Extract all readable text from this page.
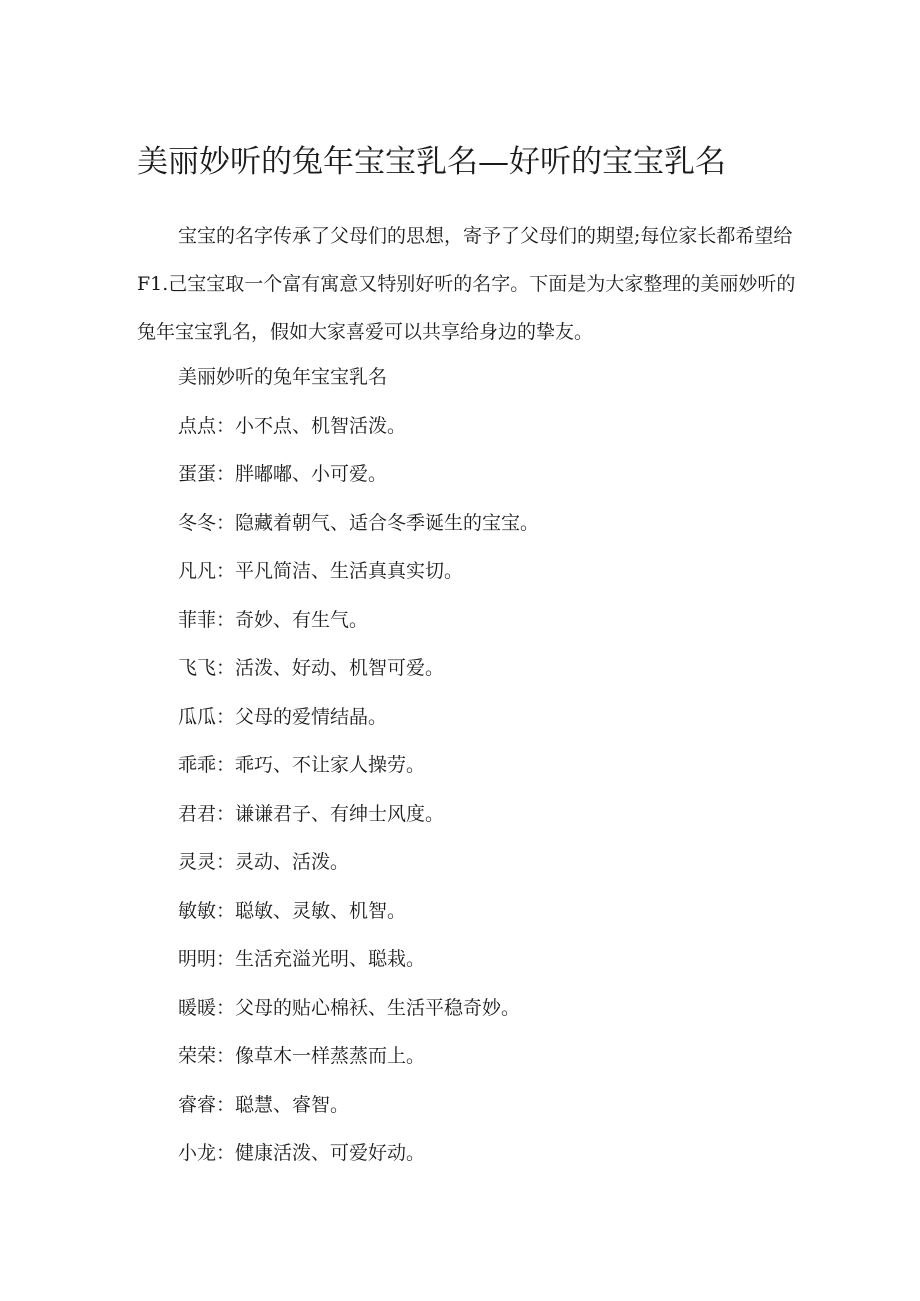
美丽妙听的兔年宝宝乳名—好听的宝宝乳名

宝宝的名字传承了父母们的思想，寄予了父母们的期望;每位家长都希望给F1.己宝宝取一个富有寓意又特别好听的名字。下面是为大家整理的美丽妙听的兔年宝宝乳名，假如大家喜爱可以共享给身边的挚友。

美丽妙听的兔年宝宝乳名
点点：小不点、机智活泼。
蛋蛋：胖嘟嘟、小可爱。
冬冬：隐藏着朝气、适合冬季诞生的宝宝。
凡凡：平凡简洁、生活真真实切。
菲菲：奇妙、有生气。
飞飞：活泼、好动、机智可爱。
瓜瓜：父母的爱情结晶。
乖乖：乖巧、不让家人操劳。
君君：谦谦君子、有绅士风度。
灵灵：灵动、活泼。
敏敏：聪敏、灵敏、机智。
明明：生活充溢光明、聪栽。
暖暖：父母的贴心棉袄、生活平稳奇妙。
荣荣：像草木一样蒸蒸而上。
睿睿：聪慧、睿智。
小龙：健康活泼、可爱好动。
